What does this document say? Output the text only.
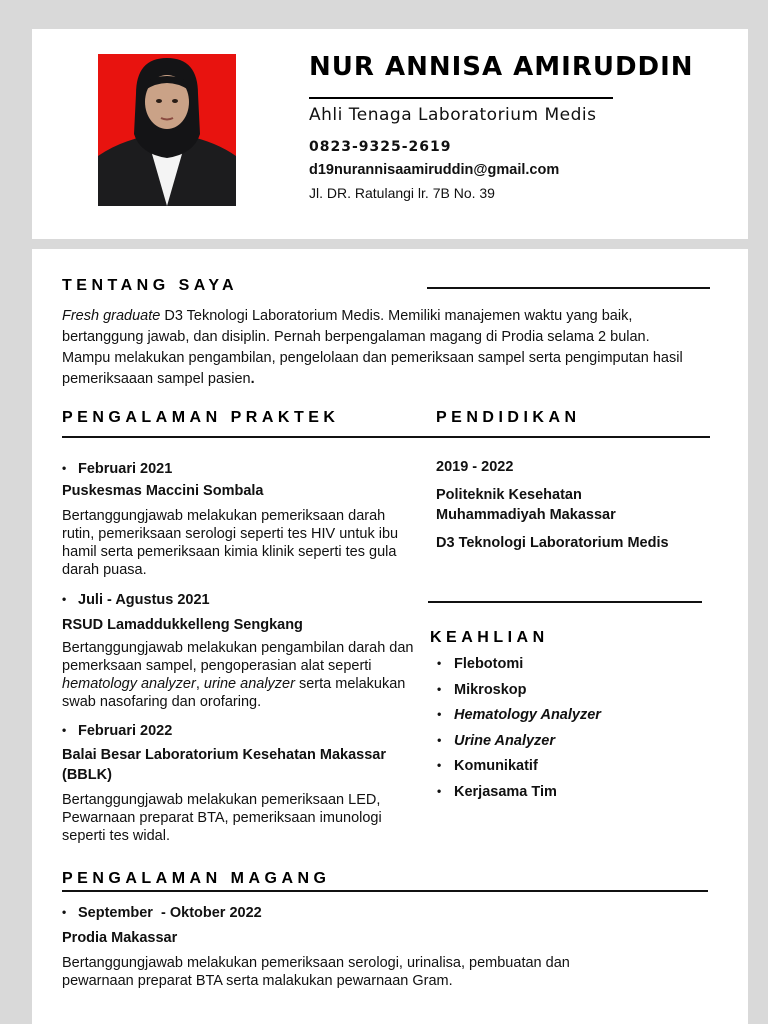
NUR ANNISA AMIRUDDIN
Ahli Tenaga Laboratorium Medis
0823-9325-2619
d19nurannisaamiruddin@gmail.com
Jl. DR. Ratulangi lr. 7B No. 39
TENTANG SAYA
Fresh graduate D3 Teknologi Laboratorium Medis. Memiliki manajemen waktu yang baik, bertanggung jawab, dan disiplin. Pernah berpengalaman magang di Prodia selama 2 bulan. Mampu melakukan pengambilan, pengelolaan dan pemeriksaan sampel serta pengimputan hasil pemeriksaaan sampel pasien.
PENGALAMAN PRAKTEK
• Februari 2021
Puskesmas Maccini Sombala
Bertanggungjawab melakukan pemeriksaan darah rutin, pemeriksaan serologi seperti tes HIV untuk ibu hamil serta pemeriksaan kimia klinik seperti tes gula darah puasa.
• Juli - Agustus 2021
RSUD Lamaddukkelleng Sengkang
Bertanggungjawab melakukan pengambilan darah dan pemerksaan sampel, pengoperasian alat seperti hematology analyzer, urine analyzer serta melakukan swab nasofaring dan orofaring.
• Februari 2022
Balai Besar Laboratorium Kesehatan Makassar (BBLK)
Bertanggungjawab melakukan pemeriksaan LED, Pewarnaan preparat BTA, pemeriksaan imunologi seperti tes widal.
PENDIDIKAN
2019 - 2022
Politeknik Kesehatan Muhammadiyah Makassar
D3 Teknologi Laboratorium Medis
KEAHLIAN
• Flebotomi
• Mikroskop
• Hematology Analyzer
• Urine Analyzer
• Komunikatif
• Kerjasama Tim
PENGALAMAN MAGANG
• September  - Oktober 2022
Prodia Makassar
Bertanggungjawab melakukan pemeriksaan serologi, urinalisa, pembuatan dan pewarnaan preparat BTA serta malakukan pewarnaan Gram.
